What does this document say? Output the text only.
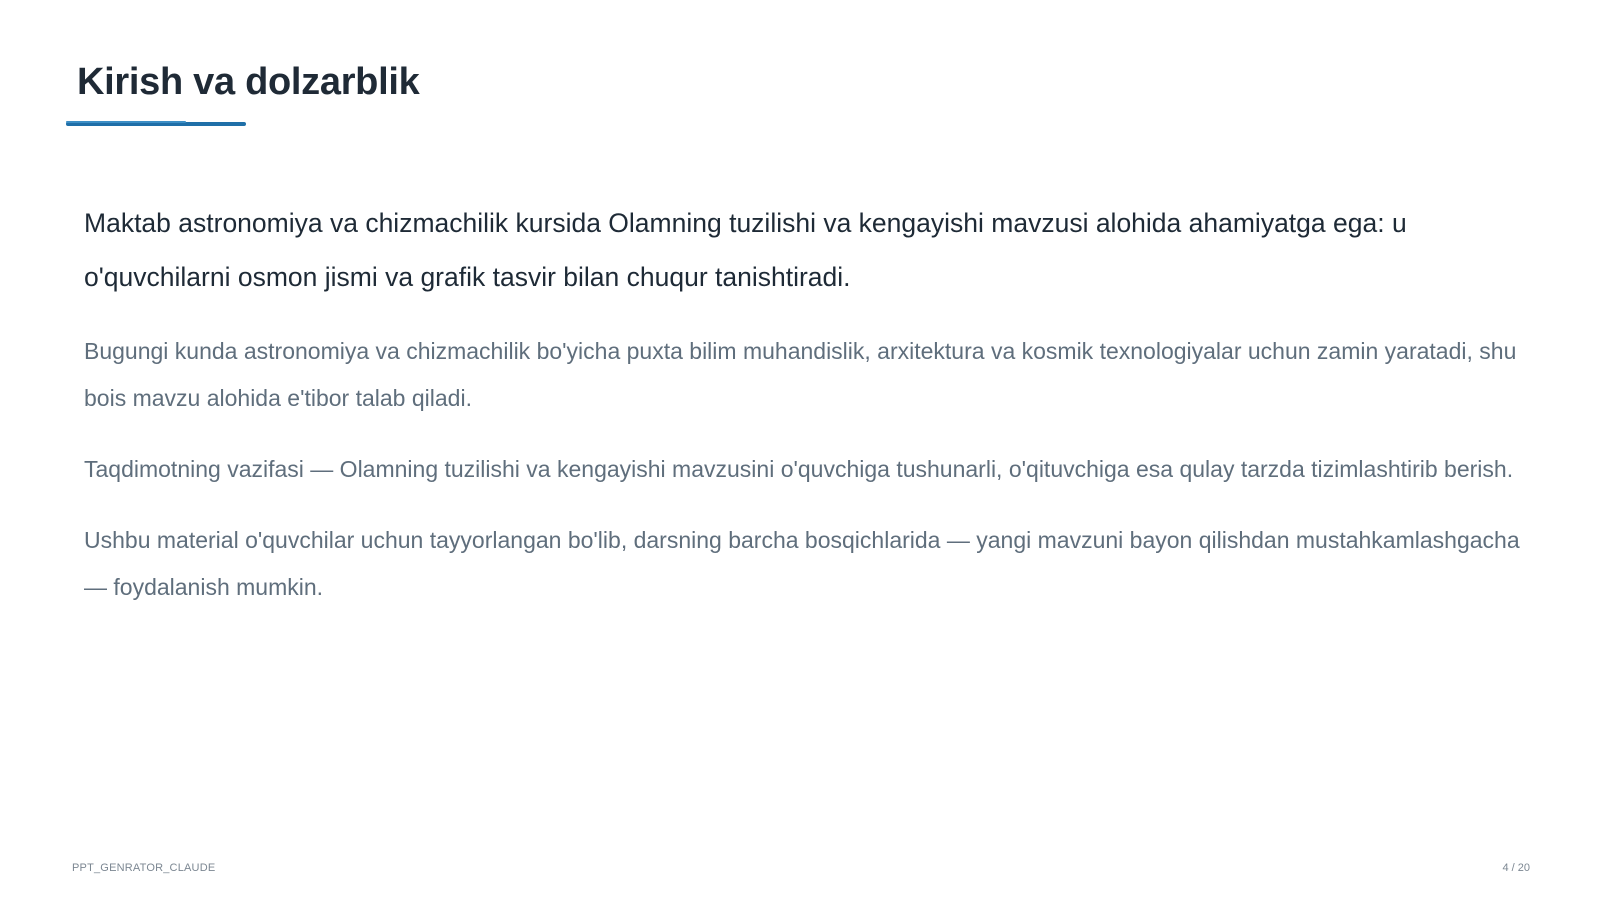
Kirish va dolzarblik

Maktab astronomiya va chizmachilik kursida Olamning tuzilishi va kengayishi mavzusi alohida ahamiyatga ega: u o'quvchilarni osmon jismi va grafik tasvir bilan chuqur tanishtiradi.

Bugungi kunda astronomiya va chizmachilik bo'yicha puxta bilim muhandislik, arxitektura va kosmik texnologiyalar uchun zamin yaratadi, shu bois mavzu alohida e'tibor talab qiladi.

Taqdimotning vazifasi — Olamning tuzilishi va kengayishi mavzusini o'quvchiga tushunarli, o'qituvchiga esa qulay tarzda tizimlashtirib berish.

Ushbu material o'quvchilar uchun tayyorlangan bo'lib, darsning barcha bosqichlarida — yangi mavzuni bayon qilishdan mustahkamlashgacha — foydalanish mumkin.

PPT_GENRATOR_CLAUDE	4 / 20
